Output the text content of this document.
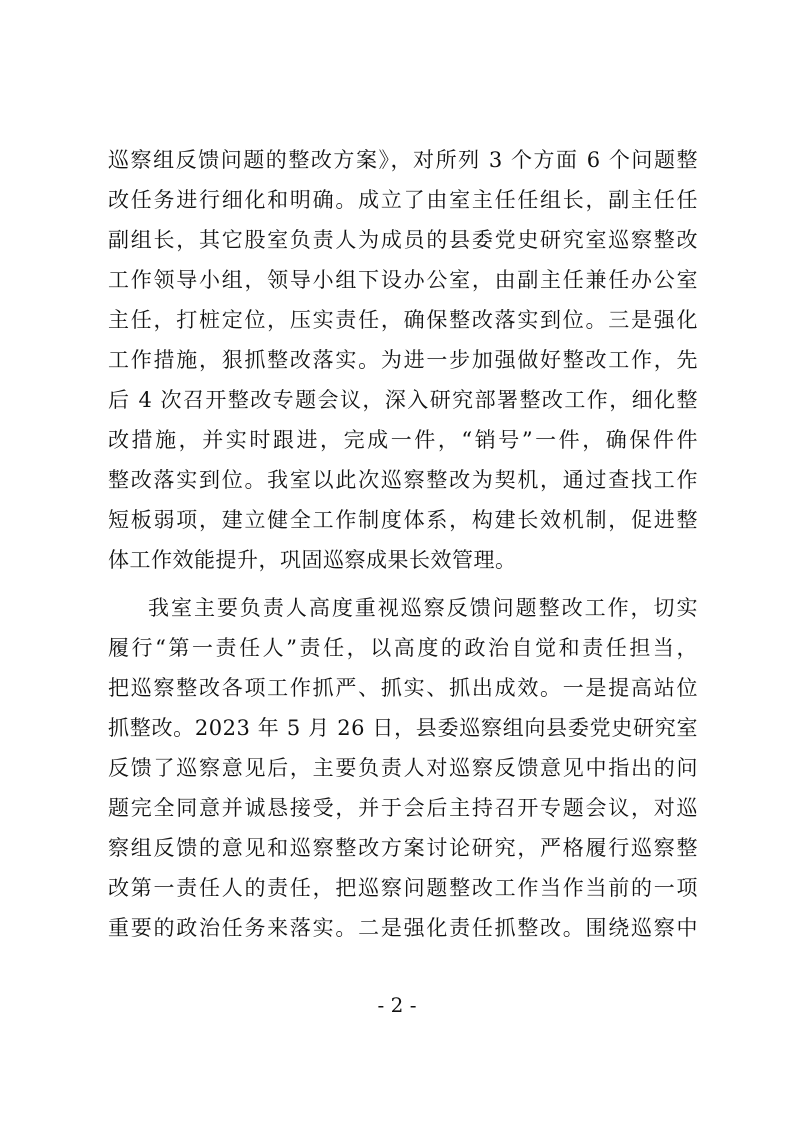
巡察组反馈问题的整改方案》，对所列 3 个方面 6 个问题整
改任务进行细化和明确。成立了由室主任任组长，副主任任
副组长，其它股室负责人为成员的县委党史研究室巡察整改
工作领导小组，领导小组下设办公室，由副主任兼任办公室
主任，打桩定位，压实责任，确保整改落实到位。三是强化
工作措施，狠抓整改落实。为进一步加强做好整改工作，先
后 4 次召开整改专题会议，深入研究部署整改工作，细化整
改措施，并实时跟进，完成一件，“销号”一件，确保件件
整改落实到位。我室以此次巡察整改为契机，通过查找工作
短板弱项，建立健全工作制度体系，构建长效机制，促进整
体工作效能提升，巩固巡察成果长效管理。
我室主要负责人高度重视巡察反馈问题整改工作，切实
履行“第一责任人”责任，以高度的政治自觉和责任担当，
把巡察整改各项工作抓严、抓实、抓出成效。一是提高站位
抓整改。2023 年 5 月 26 日，县委巡察组向县委党史研究室
反馈了巡察意见后，主要负责人对巡察反馈意见中指出的问
题完全同意并诚恳接受，并于会后主持召开专题会议，对巡
察组反馈的意见和巡察整改方案讨论研究，严格履行巡察整
改第一责任人的责任，把巡察问题整改工作当作当前的一项
重要的政治任务来落实。二是强化责任抓整改。围绕巡察中
- 2 -
